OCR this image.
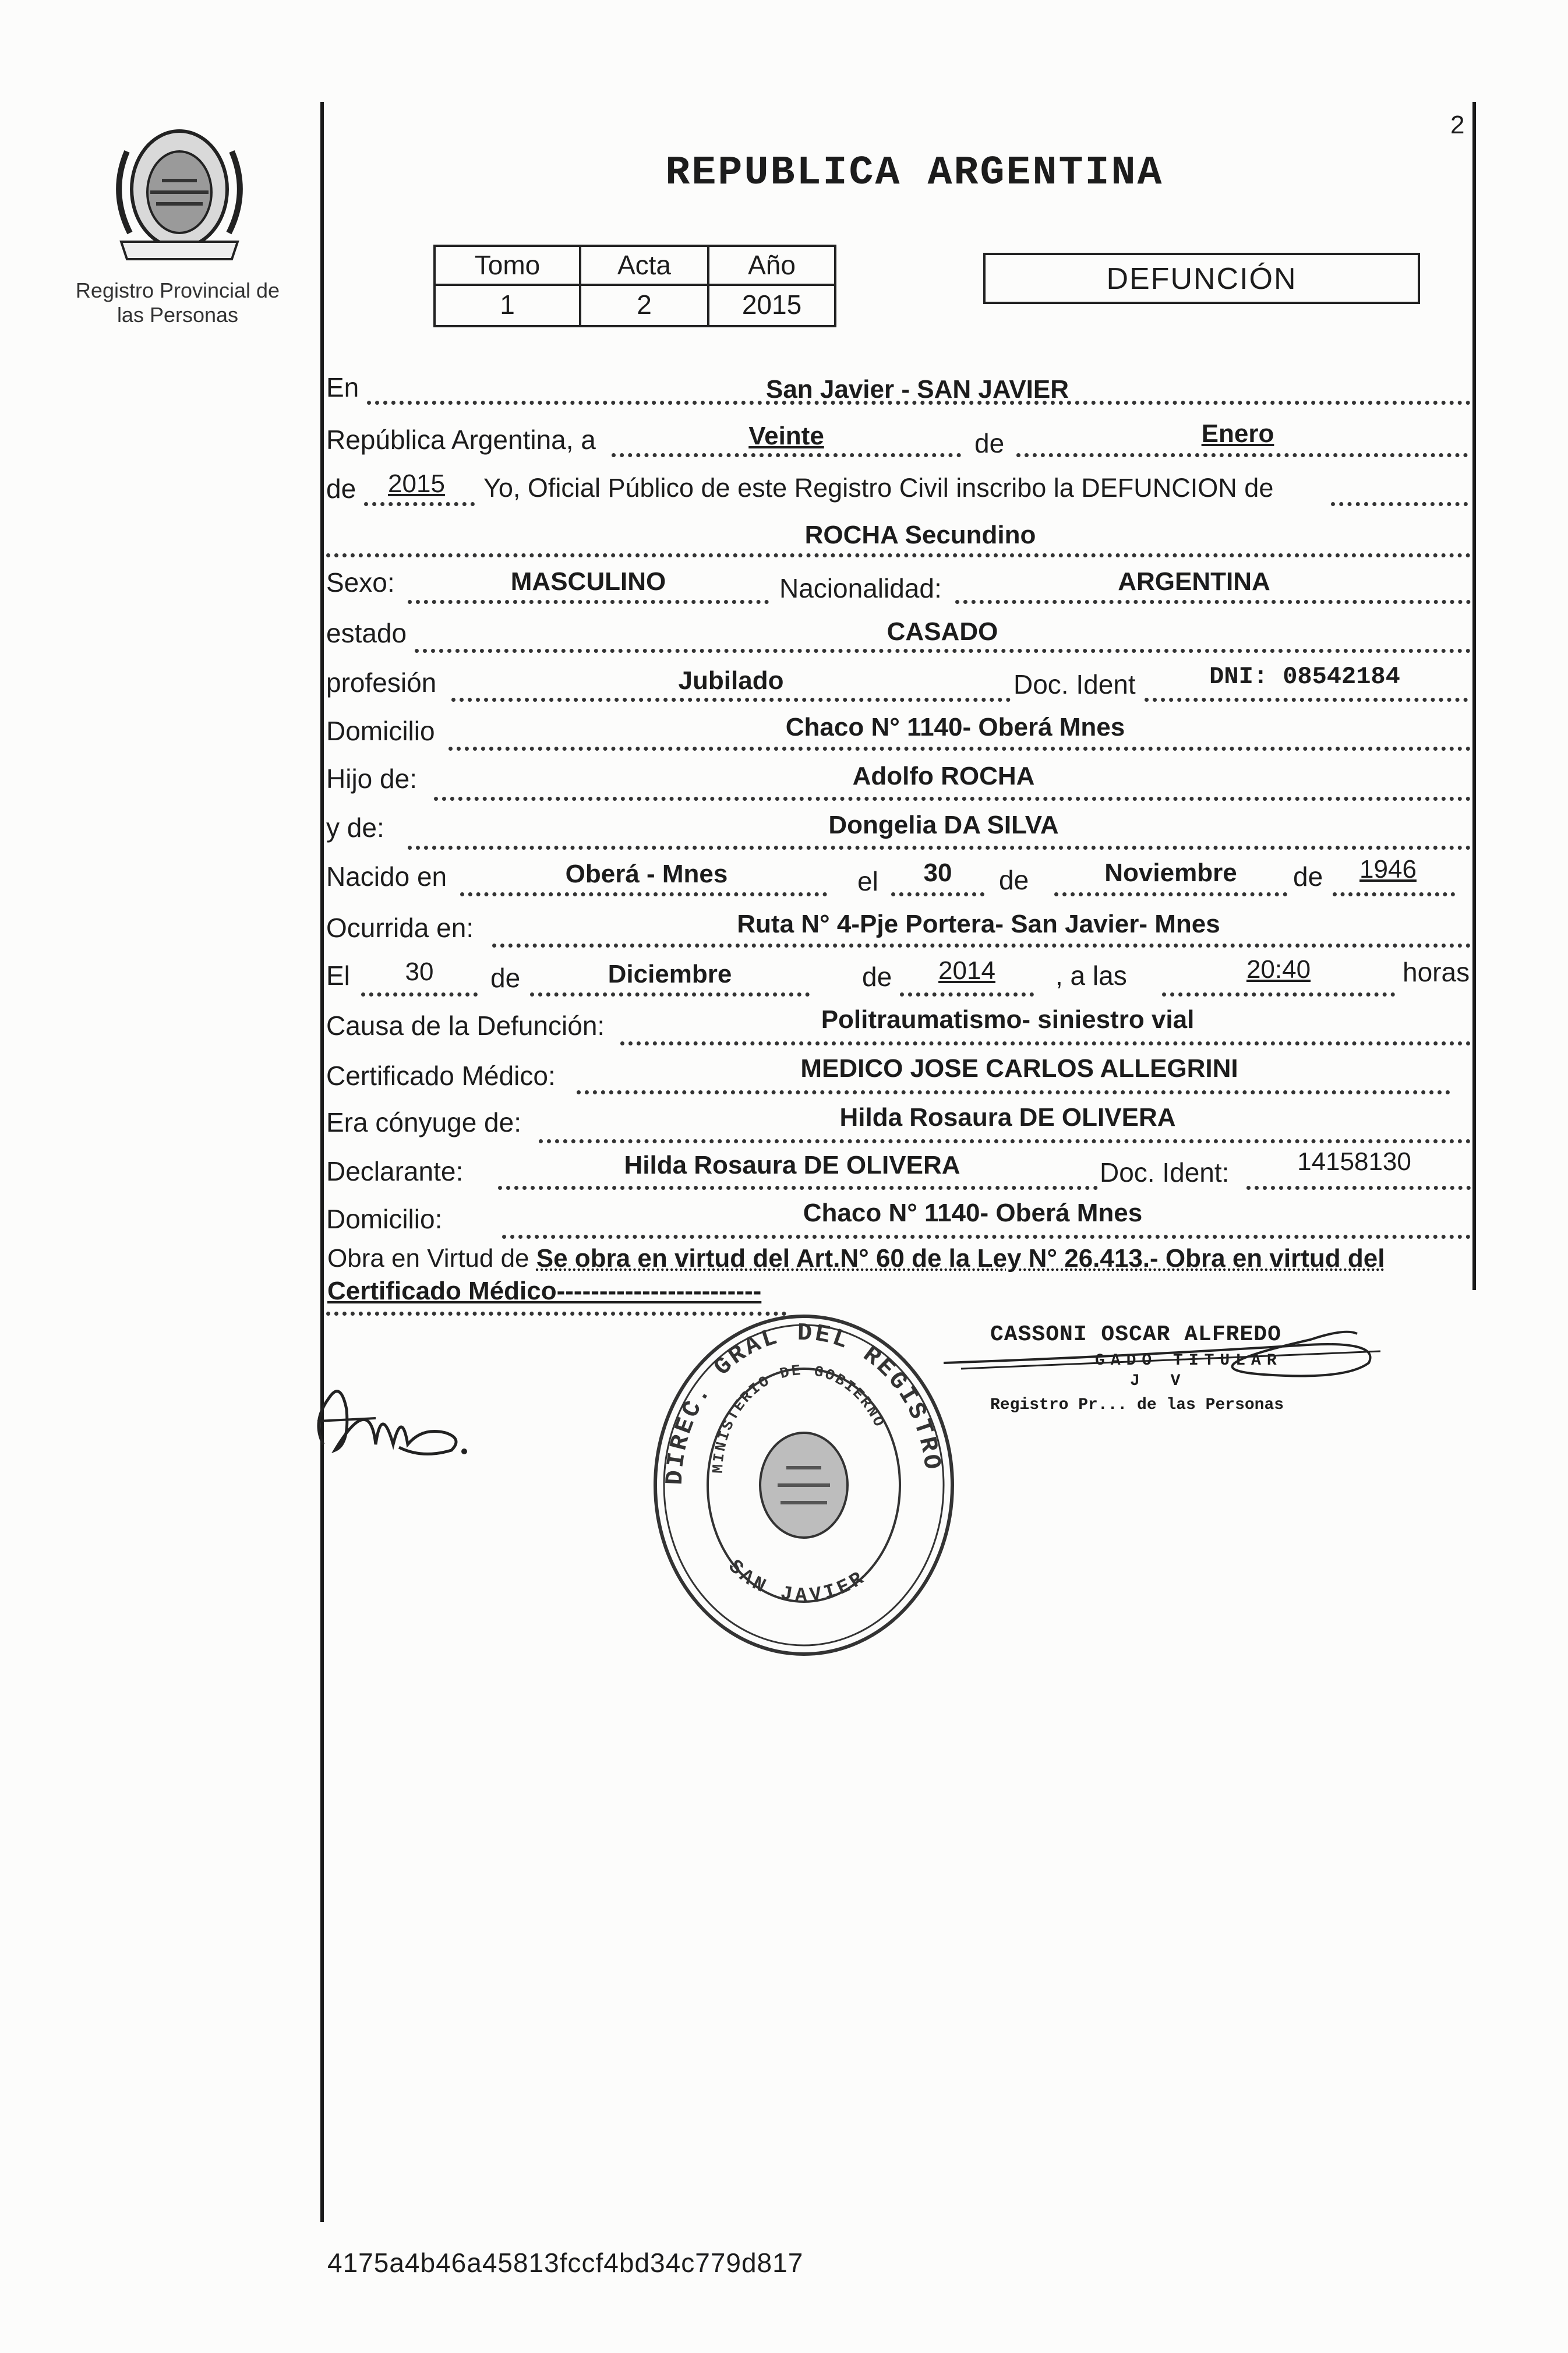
Registro Provincial de
las Personas
2
REPUBLICA ARGENTINA
Tomo	Acta	Año
1	2	2015
DEFUNCIÓN
En	San Javier - SAN JAVIER
República Argentina, a	Veinte	de	Enero
de	2015	Yo, Oficial Público de este Registro Civil inscribo la DEFUNCION de
ROCHA Secundino
Sexo:	MASCULINO	Nacionalidad:	ARGENTINA
estado	CASADO
profesión	Jubilado	Doc. Ident	DNI: 08542184
Domicilio	Chaco N° 1140- Oberá Mnes
Hijo de:	Adolfo ROCHA
y de:	Dongelia DA SILVA
Nacido en	Oberá - Mnes	el	30	de	Noviembre	de	1946
Ocurrida en:	Ruta N° 4-Pje Portera- San Javier- Mnes
El	30	de	Diciembre	de	2014	, a las	20:40	horas
Causa de la Defunción:	Politraumatismo- siniestro vial
Certificado Médico:	MEDICO JOSE CARLOS ALLEGRINI
Era cónyuge de:	Hilda Rosaura DE OLIVERA
Declarante:	Hilda Rosaura DE OLIVERA	Doc. Ident:	14158130
Domicilio:	Chaco N° 1140- Oberá Mnes
Obra en Virtud de Se obra en virtud del Art.N° 60 de la Ley N° 26.413.- Obra en virtud del
Certificado Médico------------------------
DIREC. GRAL DEL REGISTRO
MINISTERIO DE GOBIERNO
SAN JAVIER
CASSONI OSCAR ALFREDO
GADO TITULAR
J V
Registro Pr... de las Personas
4175a4b46a45813fccf4bd34c779d817
